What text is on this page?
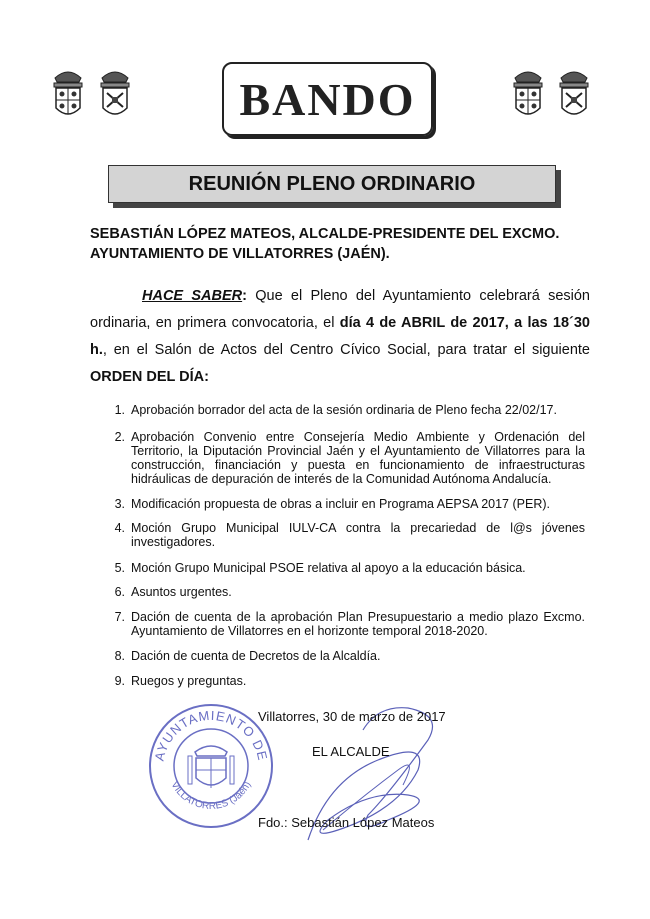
BANDO
REUNIÓN PLENO ORDINARIO

SEBASTIÁN LÓPEZ MATEOS, ALCALDE-PRESIDENTE DEL EXCMO. AYUNTAMIENTO DE VILLATORRES (JAÉN).

HACE SABER: Que el Pleno del Ayuntamiento celebrará sesión ordinaria, en primera convocatoria, el día 4 de ABRIL de 2017, a las 18´30 h., en el Salón de Actos del Centro Cívico Social, para tratar el siguiente ORDEN DEL DÍA:

1. Aprobación borrador del acta de la sesión ordinaria de Pleno fecha 22/02/17.
2. Aprobación Convenio entre Consejería Medio Ambiente y Ordenación del Territorio, la Diputación Provincial Jaén y el Ayuntamiento de Villatorres para la construcción, financiación y puesta en funcionamiento de infraestructuras hidráulicas de depuración de interés de la Comunidad Autónoma Andalucía.
3. Modificación propuesta de obras a incluir en Programa AEPSA 2017 (PER).
4. Moción Grupo Municipal IULV-CA contra la precariedad de l@s jóvenes investigadores.
5. Moción Grupo Municipal PSOE relativa al apoyo a la educación básica.
6. Asuntos urgentes.
7. Dación de cuenta de la aprobación Plan Presupuestario a medio plazo Excmo. Ayuntamiento de Villatorres en el horizonte temporal 2018-2020.
8. Dación de cuenta de Decretos de la Alcaldía.
9. Ruegos y preguntas.
AYUNTAMIENTO DE
VILLATORRES (Jaén)
Villatorres, 30 de marzo de 2017
EL ALCALDE
Fdo.: Sebastián López Mateos
